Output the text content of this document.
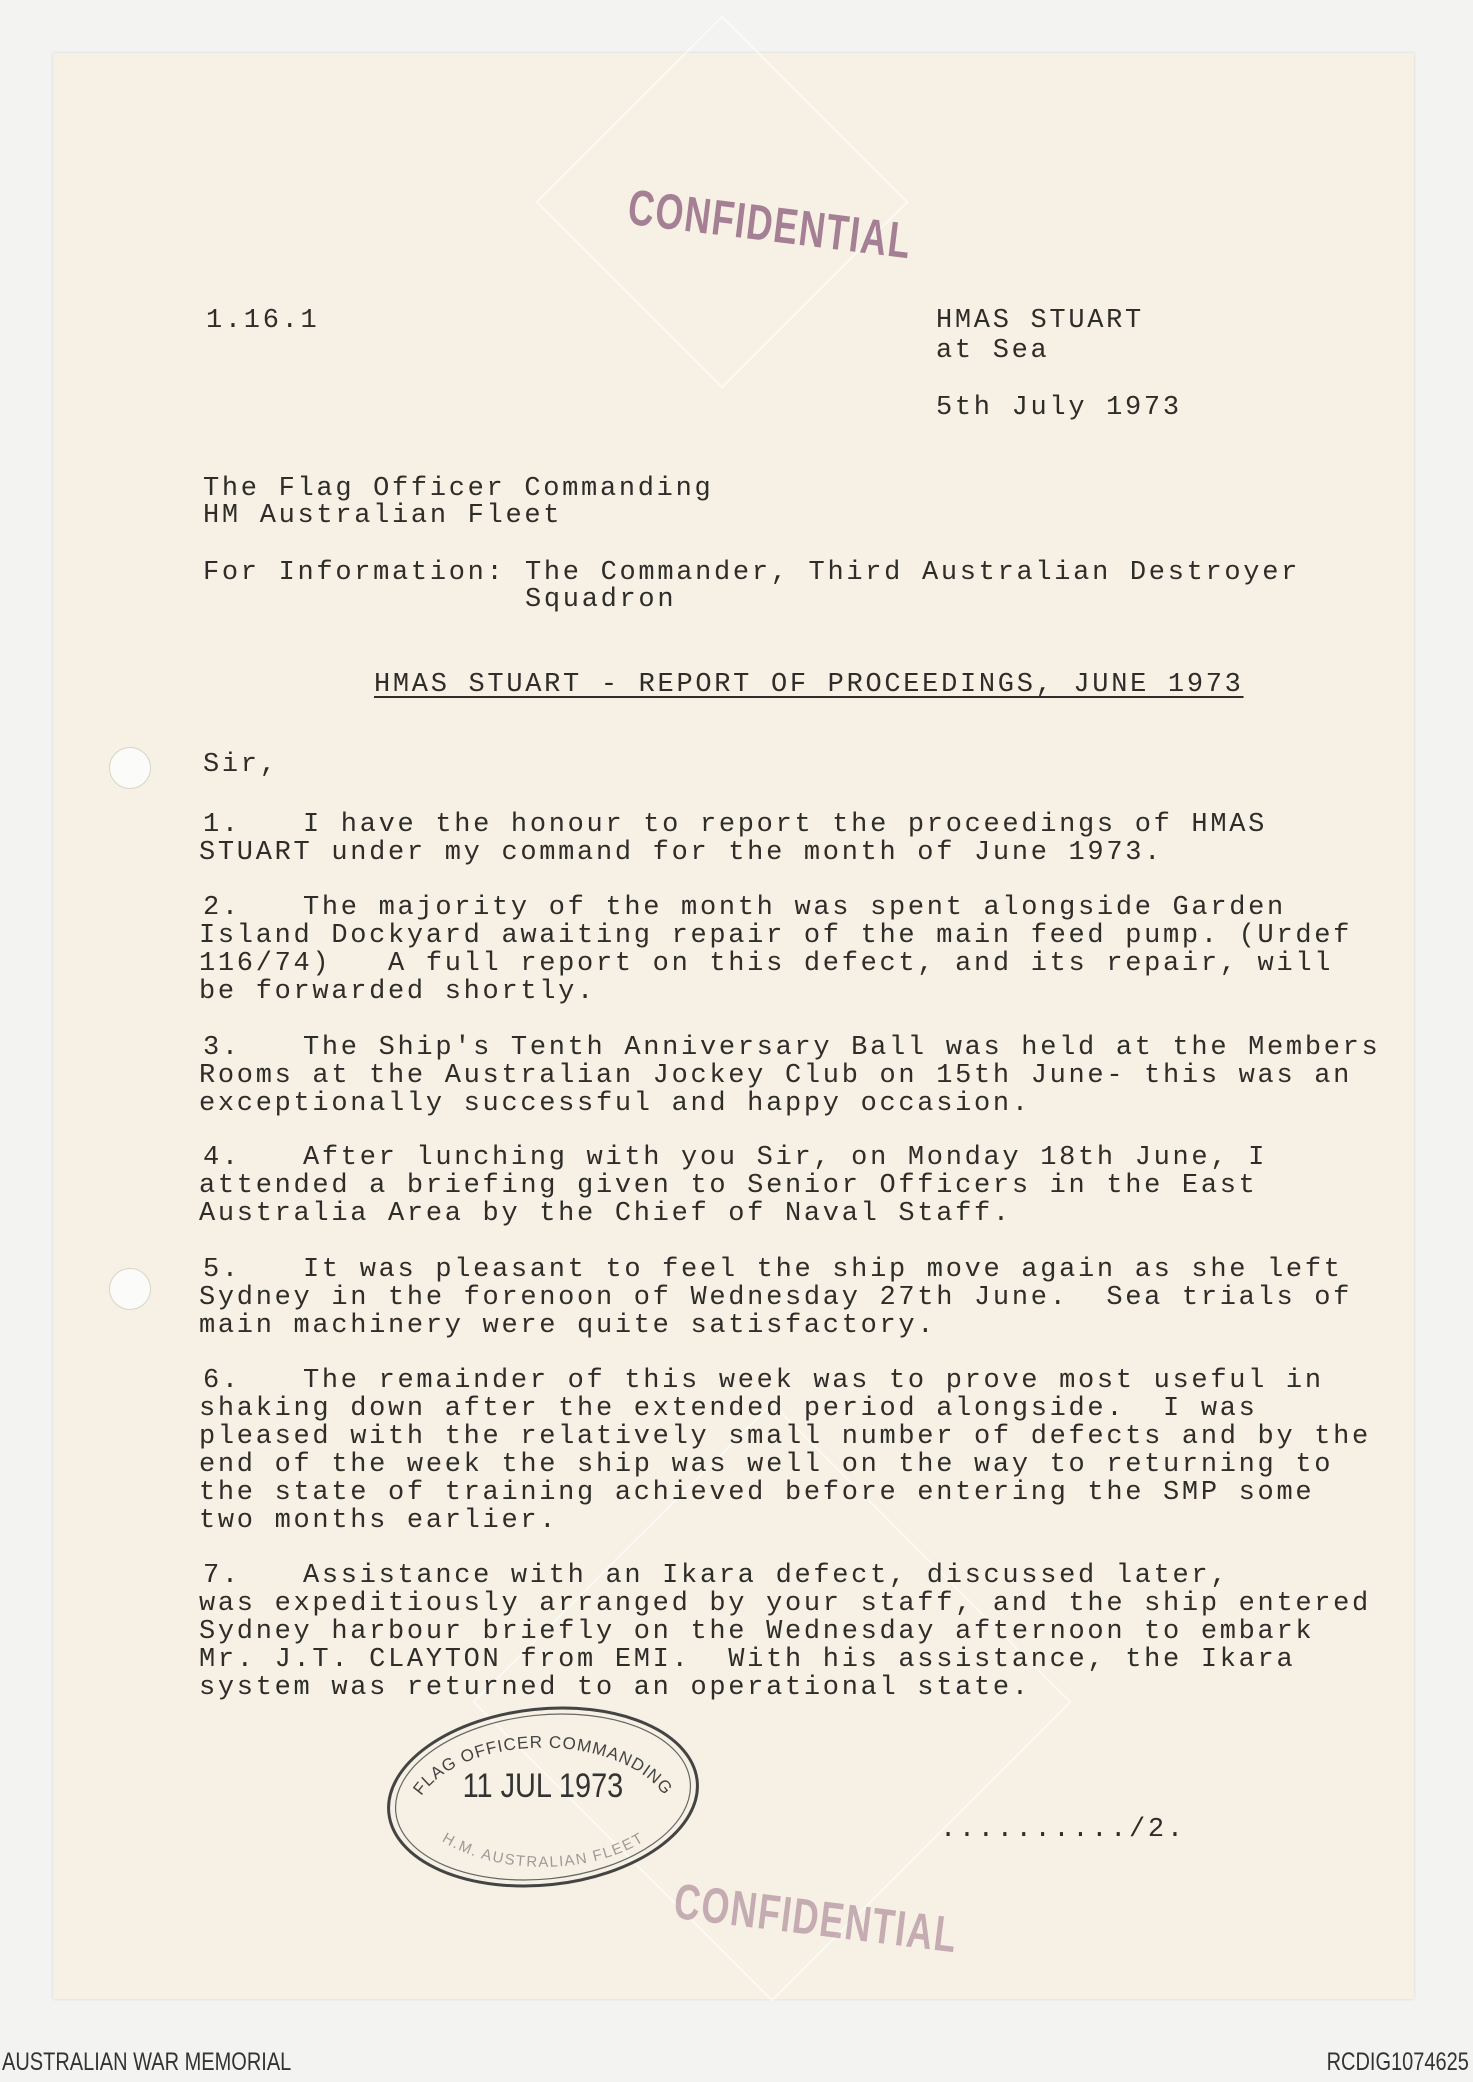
CONFIDENTIAL
1.16.1	HMAS STUART
at Sea
5th July 1973
The Flag Officer Commanding
HM Australian Fleet
For Information: The Commander, Third Australian Destroyer
Squadron
HMAS STUART - REPORT OF PROCEEDINGS, JUNE 1973
Sir,
1. I have the honour to report the proceedings of HMAS
STUART under my command for the month of June 1973.
2. The majority of the month was spent alongside Garden
Island Dockyard awaiting repair of the main feed pump. (Urdef
116/74)   A full report on this defect, and its repair, will
be forwarded shortly.
3. The Ship's Tenth Anniversary Ball was held at the Members
Rooms at the Australian Jockey Club on 15th June- this was an
exceptionally successful and happy occasion.
4. After lunching with you Sir, on Monday 18th June, I
attended a briefing given to Senior Officers in the East
Australia Area by the Chief of Naval Staff.
5. It was pleasant to feel the ship move again as she left
Sydney in the forenoon of Wednesday 27th June.  Sea trials of
main machinery were quite satisfactory.
6. The remainder of this week was to prove most useful in
shaking down after the extended period alongside.  I was
pleased with the relatively small number of defects and by the
end of the week the ship was well on the way to returning to
the state of training achieved before entering the SMP some
two months earlier.
7. Assistance with an Ikara defect, discussed later,
was expeditiously arranged by your staff, and the ship entered
Sydney harbour briefly on the Wednesday afternoon to embark
Mr. J.T. CLAYTON from EMI.  With his assistance, the Ikara
system was returned to an operational state.
FLAG OFFICER COMMANDING
11 JUL 1973
H.M. AUSTRALIAN FLEET	........../2.
CONFIDENTIAL
AUSTRALIAN WAR MEMORIAL	RCDIG1074625
